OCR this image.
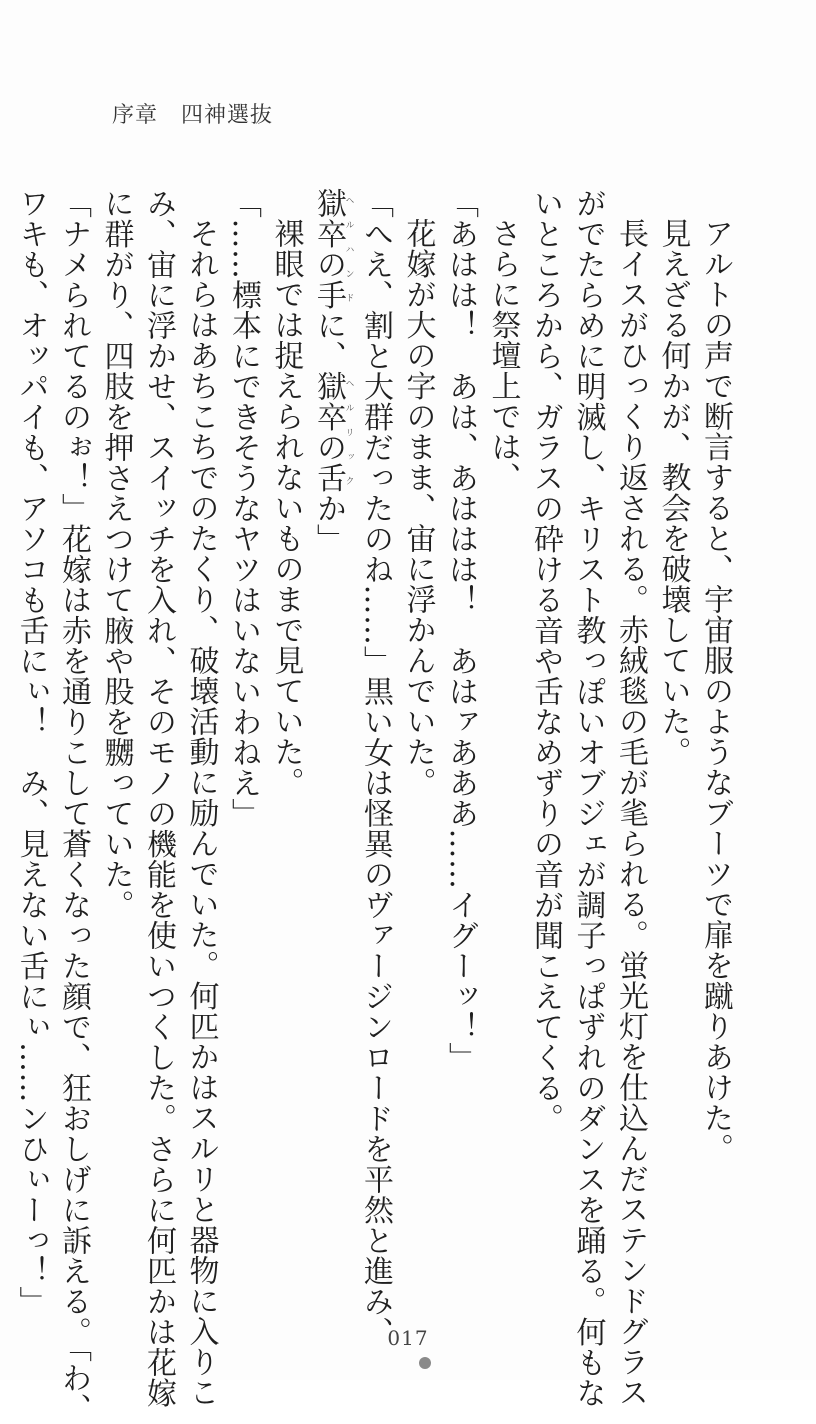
序章　四神選抜
アルトの声で断言すると、宇宙服のようなブーツで扉を蹴りあけた。
見えざる何かが、教会を破壊していた。
長イスがひっくり返される。赤絨毯の毛が毟られる。蛍光灯を仕込んだステンドグラス
がでたらめに明滅し、キリスト教っぽいオブジェが調子っぱずれのダンスを踊る。何もな
いところから、ガラスの砕ける音や舌なめずりの音が聞こえてくる。
さらに祭壇上では、
「あはは！　あは、あははは！　あはァあああ……イグーッ！」
花嫁が大の字のまま、宙に浮かんでいた。
「へえ、割と大群だったのね……」黒い女は怪異のヴァージンロードを平然と進み、
獄卒の手ヘルハンドに、獄卒の舌ヘルリックか」
裸眼では捉えられないものまで見ていた。
「……標本にできそうなヤツはいないわねえ」
それらはあちこちでのたくり、破壊活動に励んでいた。何匹かはスルリと器物に入りこ
み、宙に浮かせ、スイッチを入れ、そのモノの機能を使いつくした。さらに何匹かは花嫁
に群がり、四肢を押さえつけて腋や股を嬲っていた。
「ナメられてるのぉ！」花嫁は赤を通りこして蒼くなった顔で、狂おしげに訴える。「わ、
ワキも、オッパイも、アソコも舌にぃ！　み、見えない舌にぃ……ンひぃーっ！」
017
